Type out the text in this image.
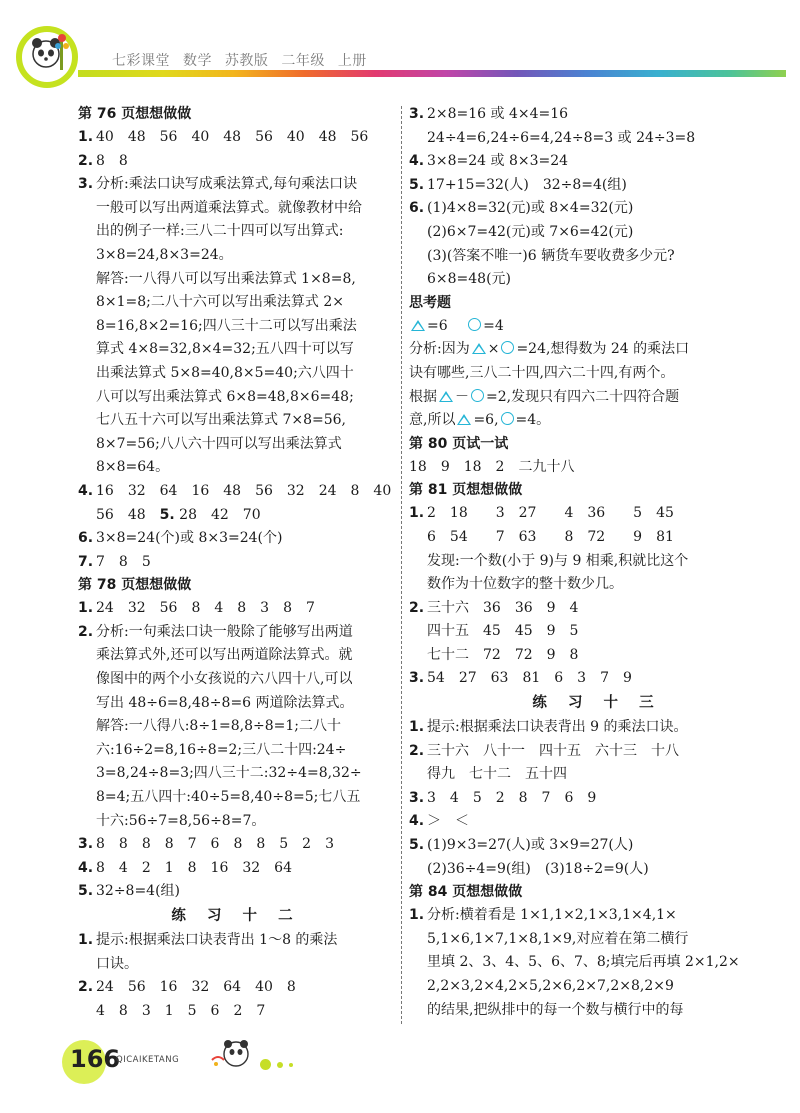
七彩课堂 数学 苏教版 二年级 上册
第 76 页想想做做
1. 40　48　56　40　48　56　40　48　56
2. 8　8
3. 分析:乘法口诀写成乘法算式,每句乘法口诀
一般可以写出两道乘法算式。就像教材中给
出的例子一样:三八二十四可以写出算式:
3×8=24,8×3=24。
解答:一八得八可以写出乘法算式 1×8=8,
8×1=8;二八十六可以写出乘法算式 2×
8=16,8×2=16;四八三十二可以写出乘法
算式 4×8=32,8×4=32;五八四十可以写
出乘法算式 5×8=40,8×5=40;六八四十
八可以写出乘法算式 6×8=48,8×6=48;
七八五十六可以写出乘法算式 7×8=56,
8×7=56;八八六十四可以写出乘法算式
8×8=64。
4. 16　32　64　16　48　56　32　24　8　40
56　48　 5. 28　42　70
6. 3×8=24(个)或 8×3=24(个)
7. 7　8　5
第 78 页想想做做
1. 24　32　56　8　4　8　3　8　7
2. 分析:一句乘法口诀一般除了能够写出两道
乘法算式外,还可以写出两道除法算式。就
像图中的两个小女孩说的六八四十八,可以
写出 48÷6=8,48÷8=6 两道除法算式。
解答:一八得八:8÷1=8,8÷8=1;二八十
六:16÷2=8,16÷8=2;三八二十四:24÷
3=8,24÷8=3;四八三十二:32÷4=8,32÷
8=4;五八四十:40÷5=8,40÷8=5;七八五
十六:56÷7=8,56÷8=7。
3. 8　8　8　8　7　6　8　8　5　2　3
4. 8　4　2　1　8　16　32　64
5. 32÷8=4(组)
练 习 十 二
1. 提示:根据乘法口诀表背出 1～8 的乘法
口诀。
2. 24　56　16　32　64　40　8
4　8　3　1　5　6　2　7
3. 2×8=16 或 4×4=16
24÷4=6,24÷6=4,24÷8=3 或 24÷3=8
4. 3×8=24 或 8×3=24
5. 17+15=32(人)　32÷8=4(组)
6. (1)4×8=32(元)或 8×4=32(元)
(2)6×7=42(元)或 7×6=42(元)
(3)(答案不唯一)6 辆货车要收费多少元?
6×8=48(元)
思考题
=6　	=4
分析:因为 × =24,想得数为 24 的乘法口
诀有哪些,三八二十四,四六二十四,有两个。
根据 － =2,发现只有四六二十四符合题
意,所以 =6, =4。
第 80 页试一试
18　9　18　2　二九十八
第 81 页想想做做
1. 2　18　　3　27　　4　36　　5　45
6　54　　7　63　　8　72　　9　81
发现:一个数(小于 9)与 9 相乘,积就比这个
数作为十位数字的整十数少几。
2. 三十六　36　36　9　4
四十五　45　45　9　5
七十二　72　72　9　8
3. 54　27　63　81　6　3　7　9
练 习 十 三
1. 提示:根据乘法口诀表背出 9 的乘法口诀。
2. 三十六　八十一　四十五　六十三　十八
得九　七十二　五十四
3. 3　4　5　2　8　7　6　9
4. ＞　＜
5. (1)9×3=27(人)或 3×9=27(人)
(2)36÷4=9(组)　(3)18÷2=9(人)
第 84 页想想做做
1. 分析:横着看是 1×1,1×2,1×3,1×4,1×
5,1×6,1×7,1×8,1×9,对应着在第二横行
里填 2、3、4、5、6、7、8;填完后再填 2×1,2×
2,2×3,2×4,2×5,2×6,2×7,2×8,2×9
的结果,把纵排中的每一个数与横行中的每
166
QICAIKETANG
